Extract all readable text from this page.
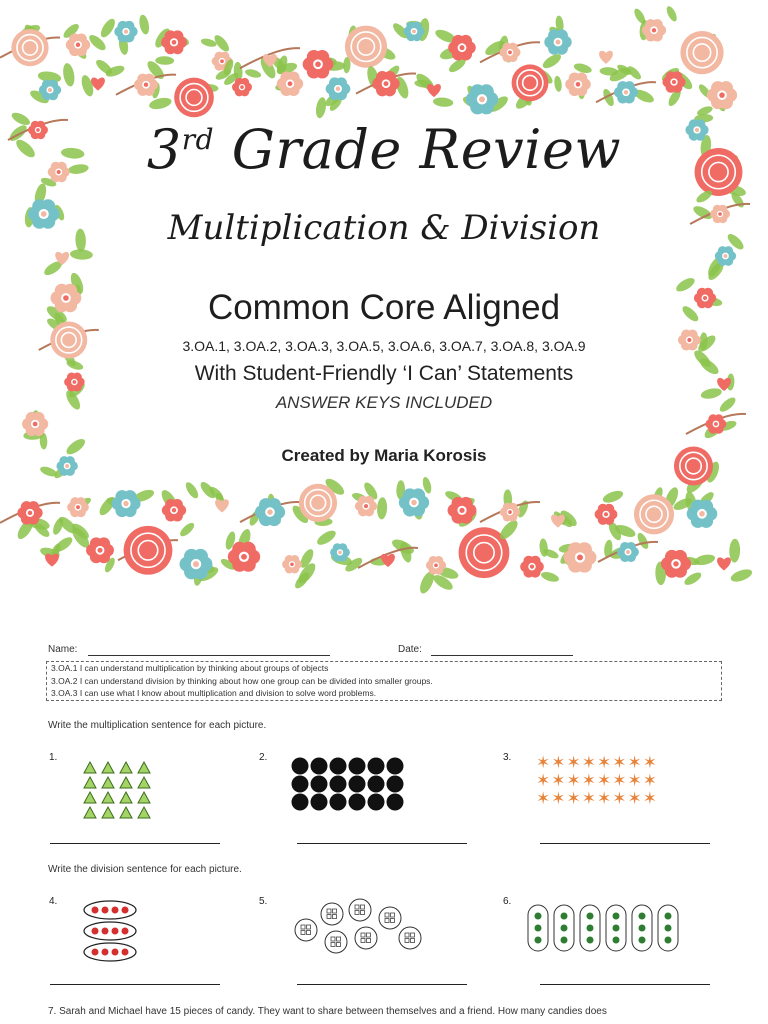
3rd Grade Review
Multiplication & Division
Common Core Aligned
3.OA.1, 3.OA.2, 3.OA.3, 3.OA.5, 3.OA.6, 3.OA.7, 3.OA.8, 3.OA.9
With Student-Friendly ‘I Can’ Statements
ANSWER KEYS INCLUDED
Created by Maria Korosis
Name:	Date:
3.OA.1 I can understand multiplication by thinking about groups of objects
3.OA.2 I can understand division by thinking about how one group can be divided into smaller groups.
3.OA.3 I can use what I know about multiplication and division to solve word problems.
Write the multiplication sentence for each picture.
1.	2.	3. ✶✶✶✶✶✶✶✶
✶✶✶✶✶✶✶✶
✶✶✶✶✶✶✶✶
Write the division sentence for each picture.
4.	5.	6.
7. Sarah and Michael have 15 pieces of candy. They want to share between themselves and a friend. How many candies does
